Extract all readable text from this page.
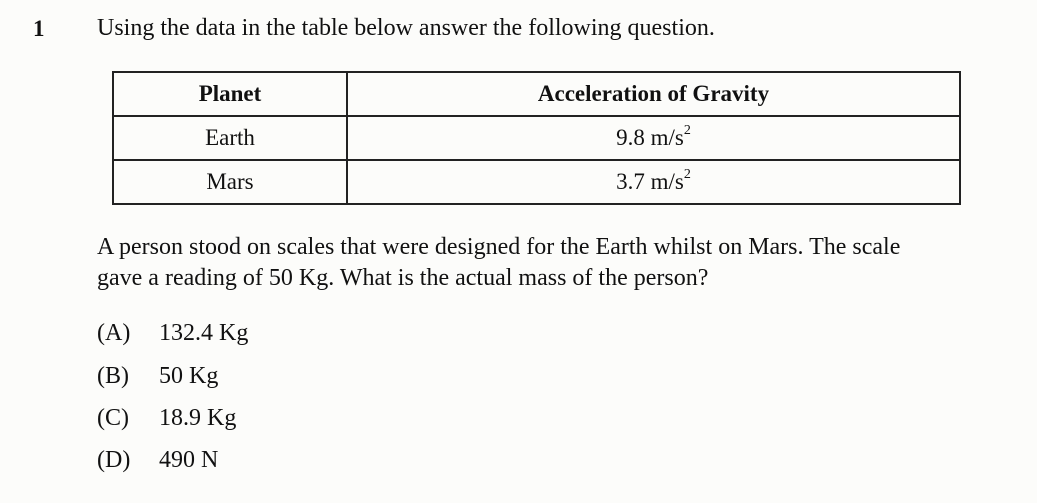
1 Using the data in the table below answer the following question.
Planet	Acceleration of Gravity
Earth	9.8 $m/s^2$
Mars	3.7 $m/s^2$
A person stood on scales that were designed for the Earth whilst on Mars. The scale
gave a reading of 50 Kg. What is the actual mass of the person?
(A) 132.4 Kg
(B) 50 Kg
(C) 18.9 Kg
(D) 490 N
